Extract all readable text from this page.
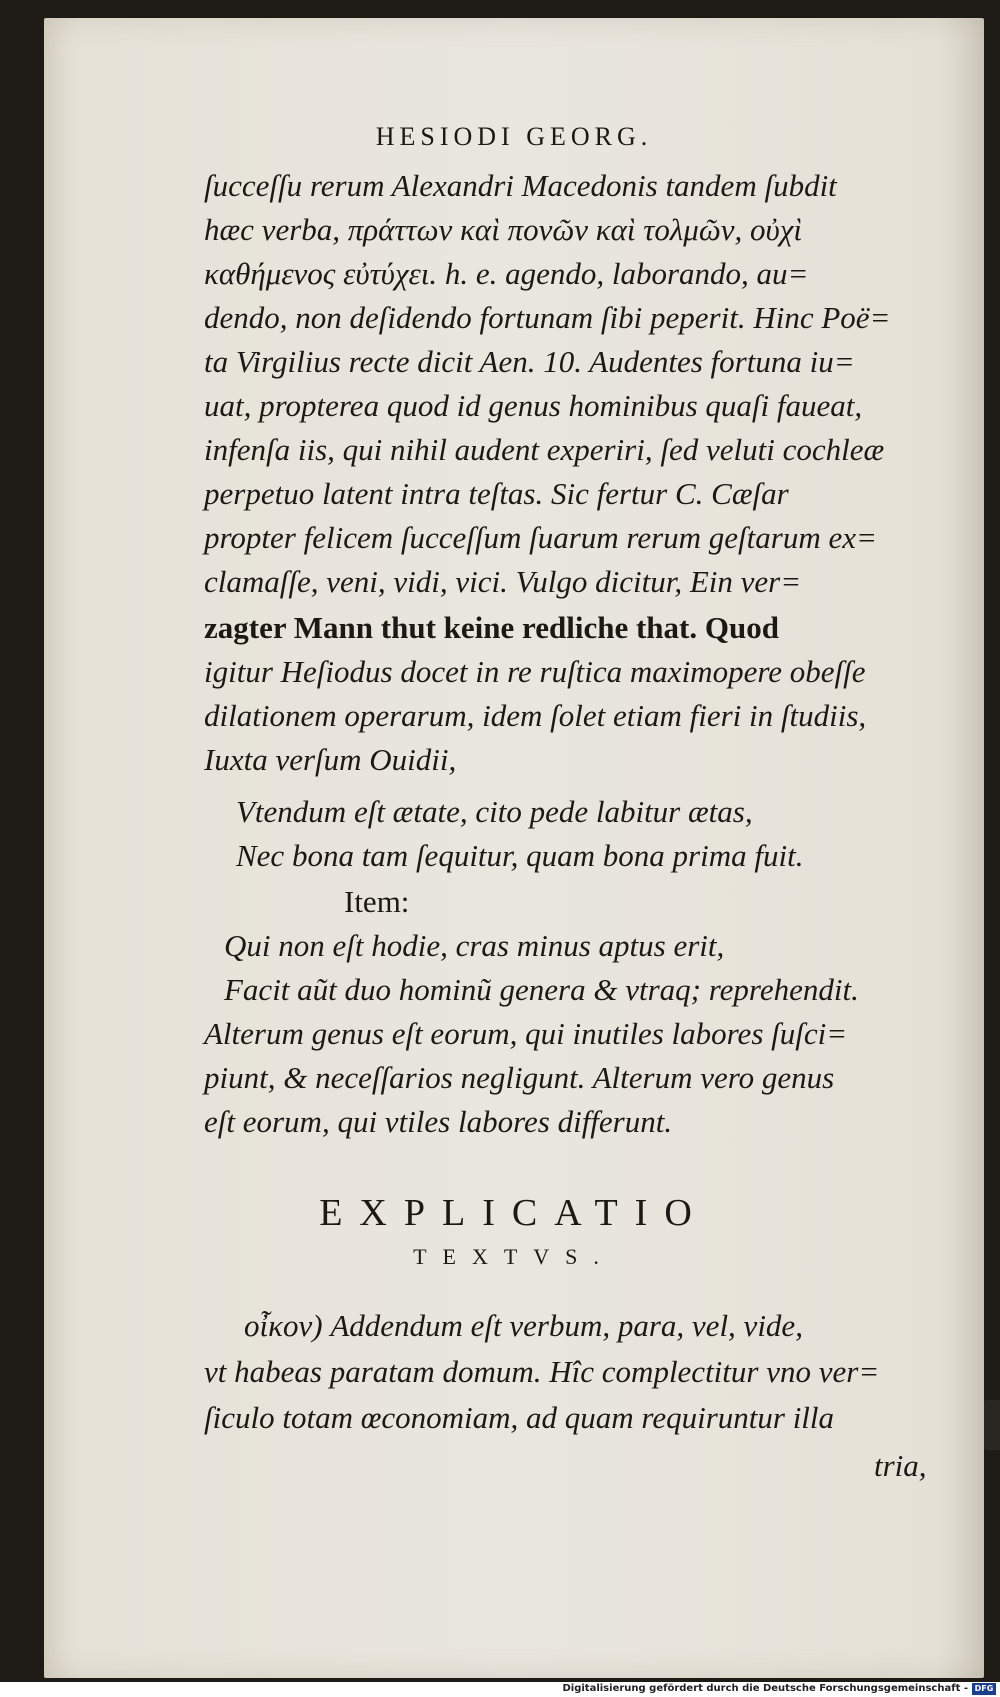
HESIODI GEORG.
ſucceſſu rerum Alexandri Macedonis tandem ſubdit
hæc verba, πράττων καὶ πονῶν καὶ τολμῶν, οὐχὶ
καθήμενος εὐτύχει. h. e. agendo, laborando, au=
dendo, non deſidendo fortunam ſibi peperit. Hinc Poë=
ta Virgilius recte dicit Aen. 10. Audentes fortuna iu=
uat, propterea quod id genus hominibus quaſi faueat,
infenſa iis, qui nihil audent experiri, ſed veluti cochleæ
perpetuo latent intra teſtas. Sic fertur C. Cæſar
propter felicem ſucceſſum ſuarum rerum geſtarum ex=
clamaſſe, veni, vidi, vici. Vulgo dicitur, Ein ver=
zagter Mann thut keine redliche that. Quod
igitur Heſiodus docet in re ruſtica maximopere obeſſe
dilationem operarum, idem ſolet etiam fieri in ſtudiis,
Iuxta verſum Ouidii,
Vtendum eſt ætate, cito pede labitur ætas,
Nec bona tam ſequitur, quam bona prima fuit.
Item:
Qui non eſt hodie, cras minus aptus erit,
Facit aũt duo hominũ genera & vtraq; reprehendit.
Alterum genus eſt eorum, qui inutiles labores ſuſci=
piunt, & neceſſarios negligunt. Alterum vero genus
eſt eorum, qui vtiles labores differunt.
EXPLICATIO
TEXTVS.
οἶκον) Addendum eſt verbum, para, vel, vide,
vt habeas paratam domum. Hîc complectitur vno ver=
ſiculo totam œconomiam, ad quam requiruntur illa
tria,
Digitalisierung gefördert durch die Deutsche Forschungsgemeinschaft - DFG
